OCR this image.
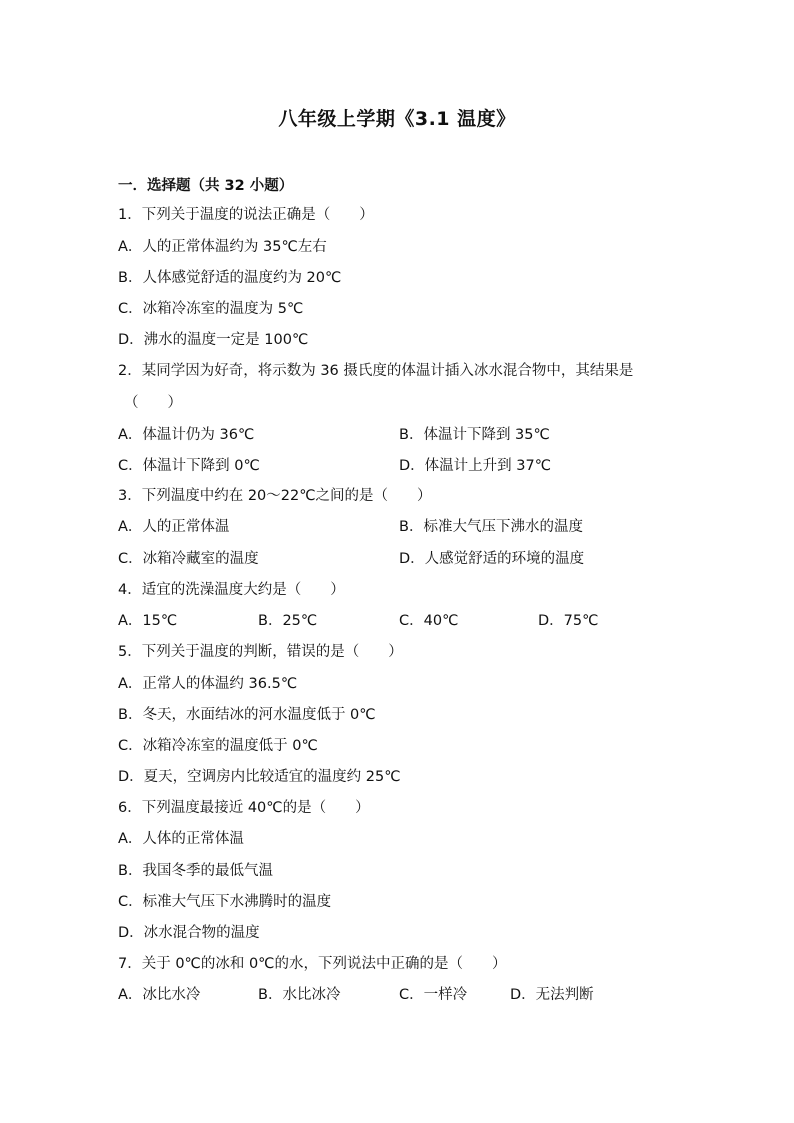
八年级上学期《3.1 温度》
一．选择题（共 32 小题）
1．下列关于温度的说法正确是（　　）
A．人的正常体温约为 35℃左右
B．人体感觉舒适的温度约为 20℃
C．冰箱冷冻室的温度为 5℃
D．沸水的温度一定是 100℃
2．某同学因为好奇，将示数为 36 摄氏度的体温计插入冰水混合物中，其结果是
（　　）
A．体温计仍为 36℃	B．体温计下降到 35℃
C．体温计下降到 0℃	D．体温计上升到 37℃
3．下列温度中约在 20～22℃之间的是（　　）
A．人的正常体温	B．标准大气压下沸水的温度
C．冰箱冷藏室的温度	D．人感觉舒适的环境的温度
4．适宜的洗澡温度大约是（　　）
A．15℃	B．25℃	C．40℃	D．75℃
5．下列关于温度的判断，错误的是（　　）
A．正常人的体温约 36.5℃
B．冬天，水面结冰的河水温度低于 0℃
C．冰箱冷冻室的温度低于 0℃
D．夏天，空调房内比较适宜的温度约 25℃
6．下列温度最接近 40℃的是（　　）
A．人体的正常体温
B．我国冬季的最低气温
C．标准大气压下水沸腾时的温度
D．冰水混合物的温度
7．关于 0℃的冰和 0℃的水，下列说法中正确的是（　　）
A．冰比水冷	B．水比冰冷	C．一样冷	D．无法判断
